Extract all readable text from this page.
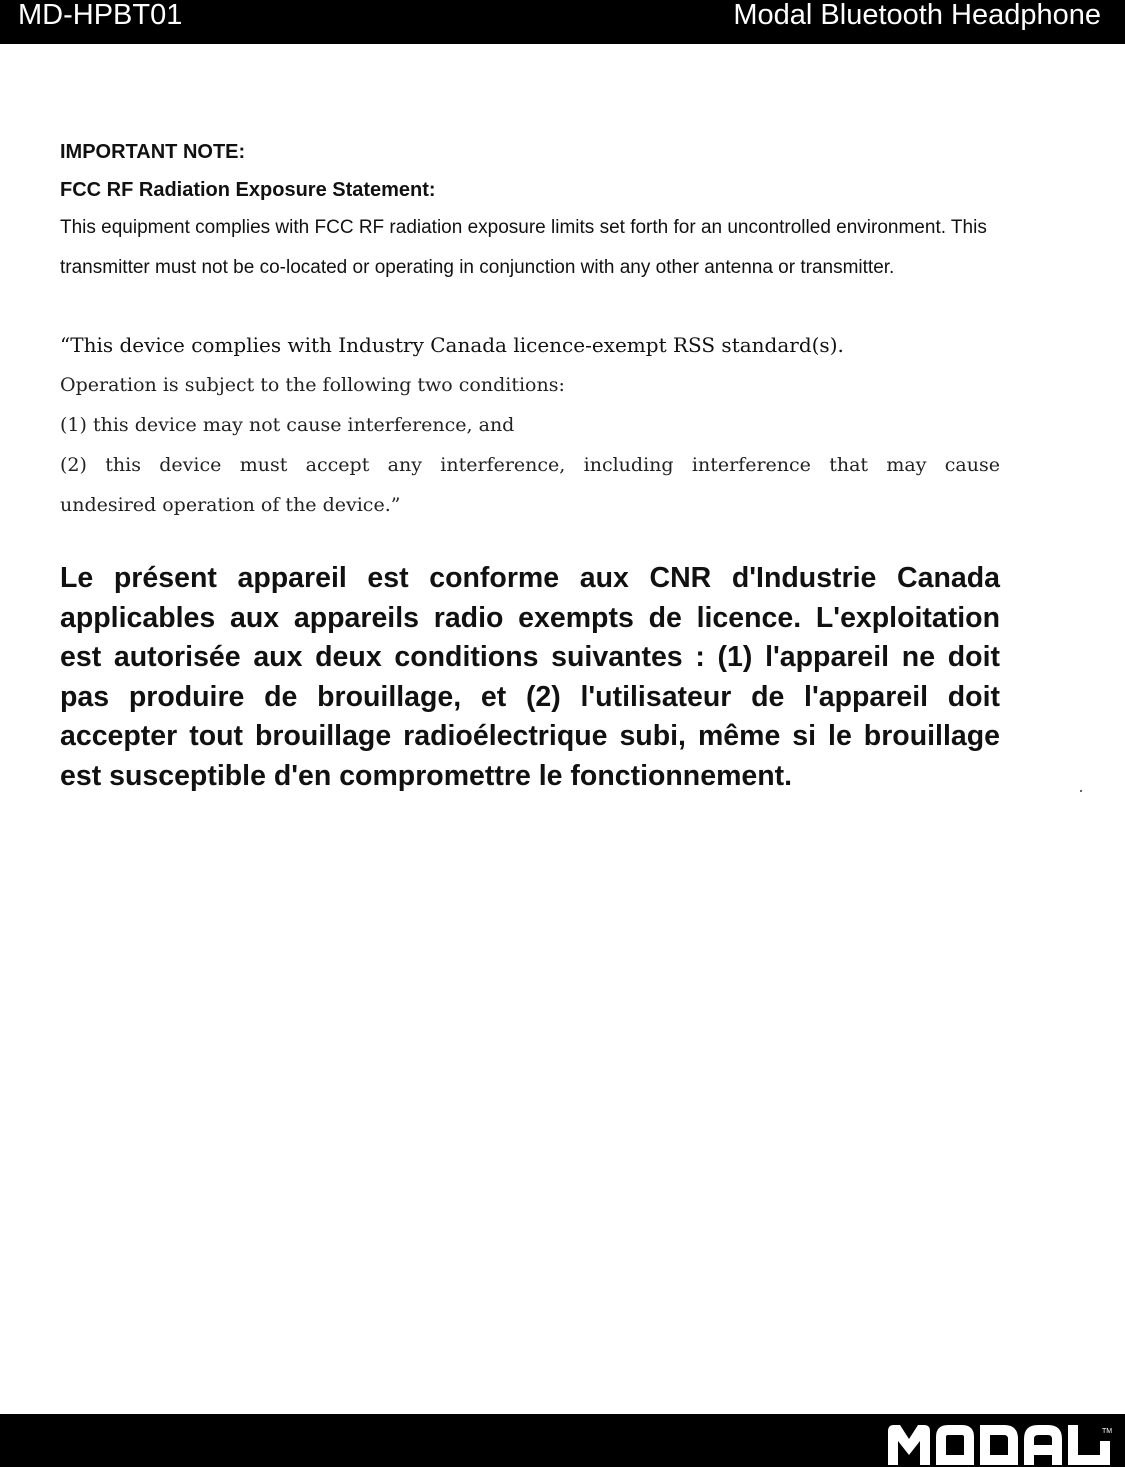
MD-HPBT01	Modal Bluetooth Headphone

IMPORTANT NOTE:

FCC RF Radiation Exposure Statement:

This equipment complies with FCC RF radiation exposure limits set forth for an uncontrolled environment. This transmitter must not be co-located or operating in conjunction with any other antenna or transmitter.

“This device complies with Industry Canada licence-exempt RSS standard(s).
Operation is subject to the following two conditions:
(1) this device may not cause interference, and
(2) this device must accept any interference, including interference that may cause
undesired operation of the device.”

Le présent appareil est conforme aux CNR d'Industrie Canada applicables aux appareils radio exempts de licence. L'exploitation est autorisée aux deux conditions suivantes : (1) l'appareil ne doit pas produire de brouillage, et (2) l'utilisateur de l'appareil doit accepter tout brouillage radioélectrique subi, même si le brouillage est susceptible d'en compromettre le fonctionnement.

TM
